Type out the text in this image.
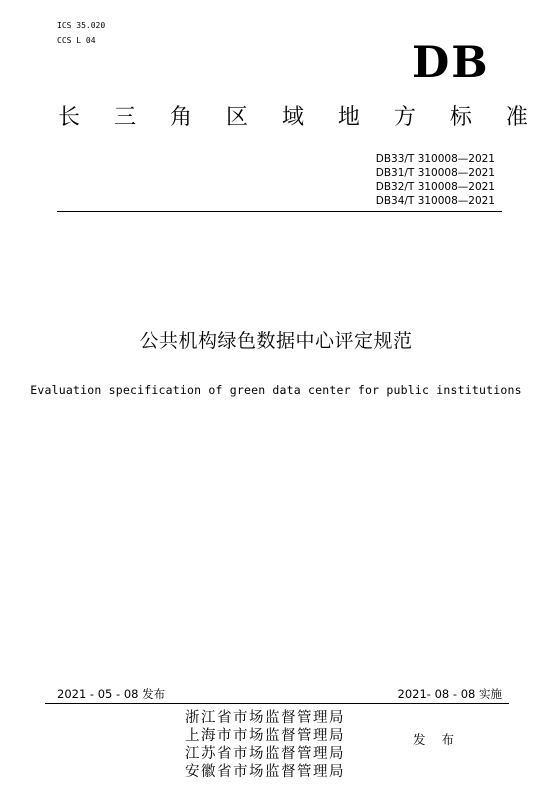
ICS 35.020
CCS L 04	DB
长 三 角 区 域 地 方 标 准
DB33/T 310008—2021
DB31/T 310008—2021
DB32/T 310008—2021
DB34/T 310008—2021
公共机构绿色数据中心评定规范
Evaluation specification of green data center for public institutions
2021 - 05 - 08 发布	2021- 08 - 08 实施
浙江省市场监督管理局
上海市市场监督管理局
江苏省市场监督管理局
安徽省市场监督管理局
发 布
